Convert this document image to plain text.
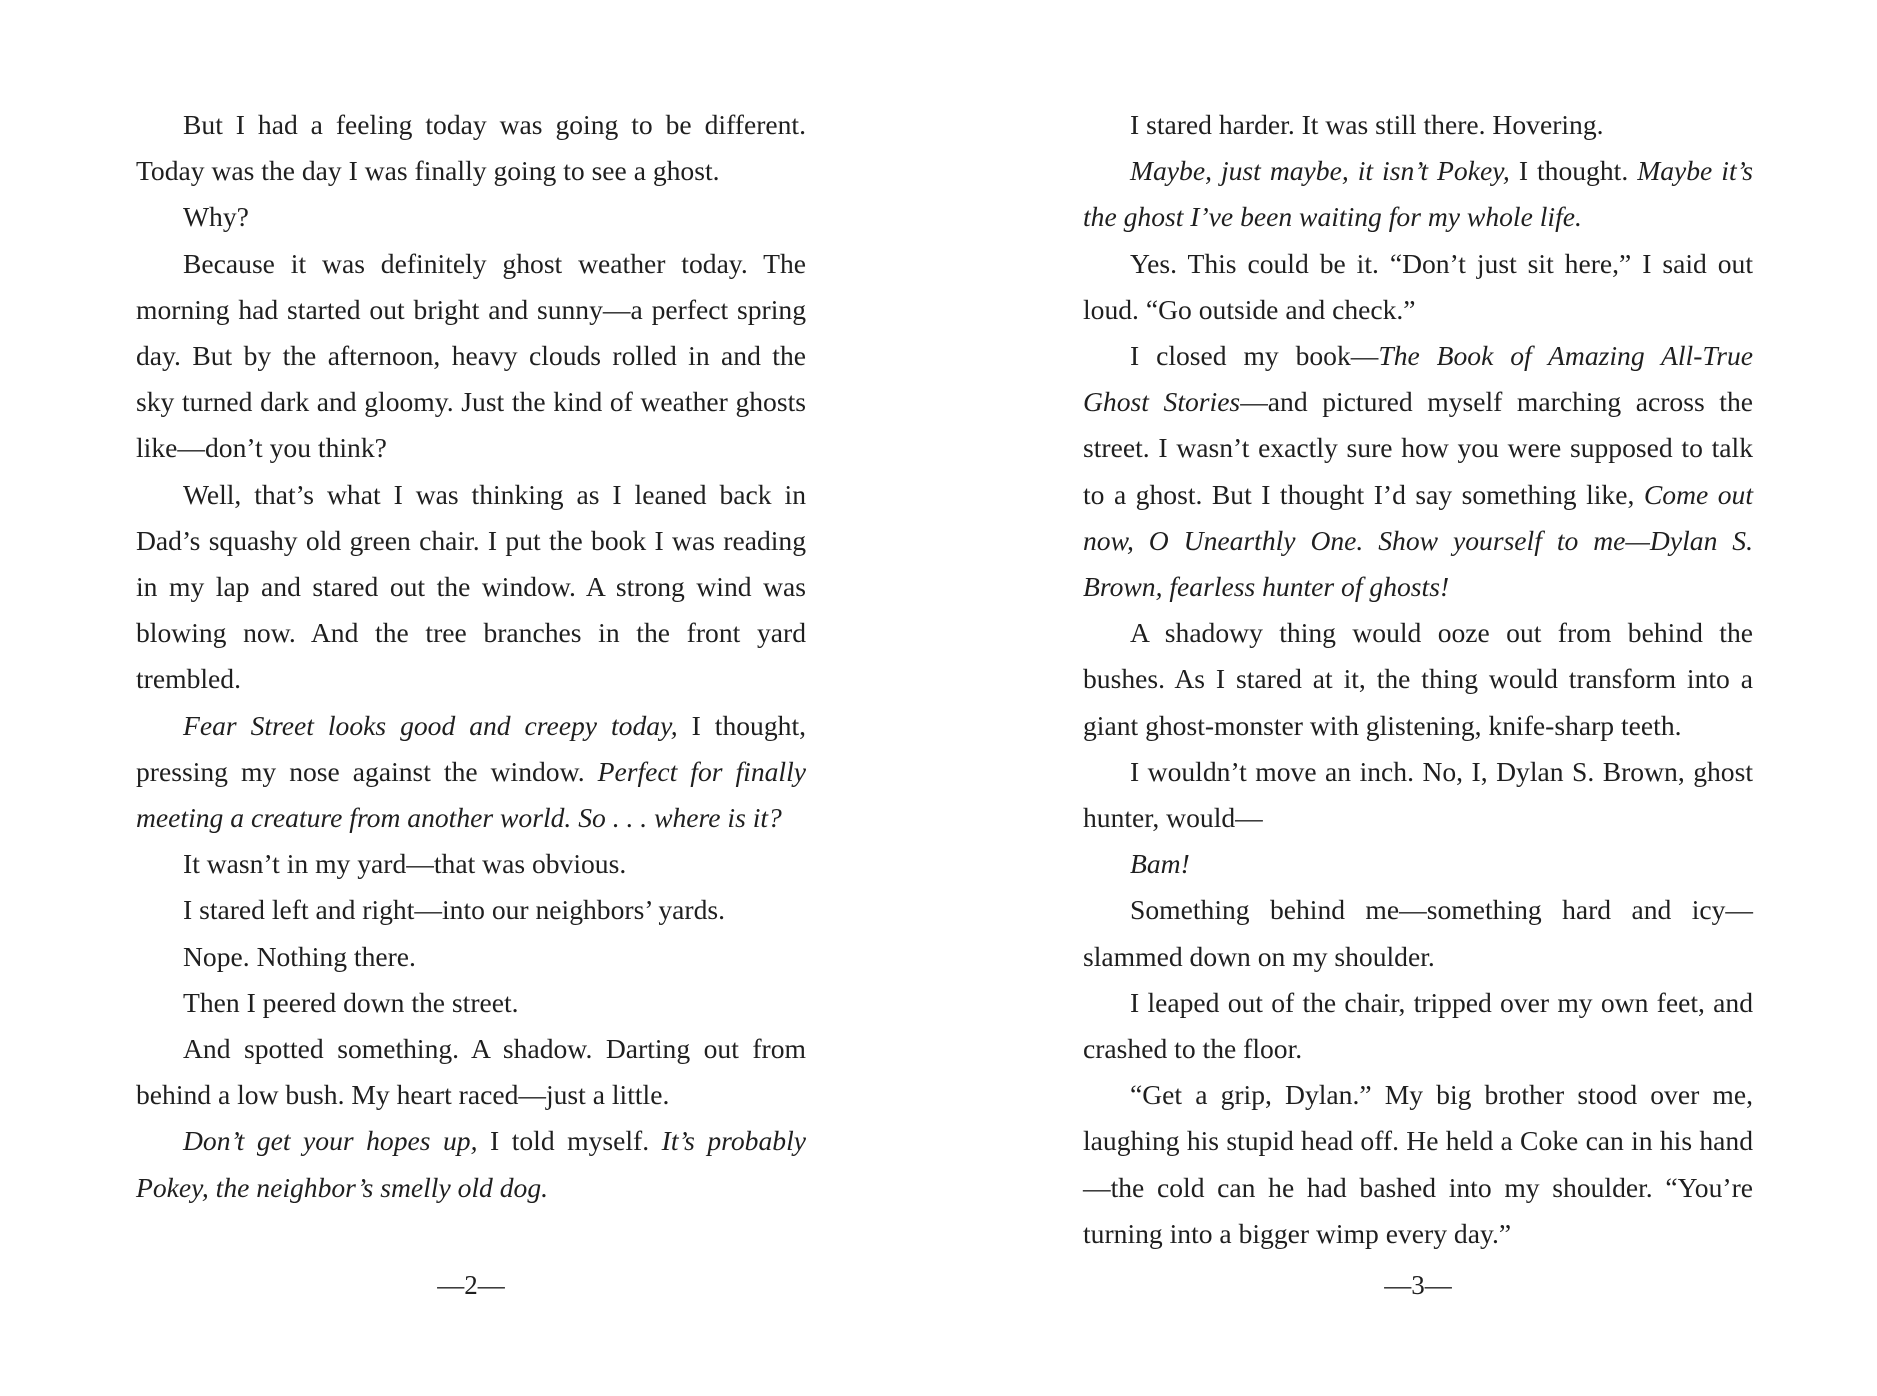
But I had a feeling today was going to be different. Today was the day I was finally going to see a ghost.

Why?

Because it was definitely ghost weather today. The morning had started out bright and sunny—a perfect spring day. But by the afternoon, heavy clouds rolled in and the sky turned dark and gloomy. Just the kind of weather ghosts like—don’t you think?

Well, that’s what I was thinking as I leaned back in Dad’s squashy old green chair. I put the book I was reading in my lap and stared out the window. A strong wind was blowing now. And the tree branches in the front yard trembled.

Fear Street looks good and creepy today, I thought, pressing my nose against the window. Perfect for finally meeting a creature from another world. So . . . where is it?

It wasn’t in my yard—that was obvious.

I stared left and right—into our neighbors’ yards.

Nope. Nothing there.

Then I peered down the street.

And spotted something. A shadow. Darting out from behind a low bush. My heart raced—just a little.

Don’t get your hopes up, I told myself. It’s probably Pokey, the neighbor’s smelly old dog.

—2—

I stared harder. It was still there. Hovering.

Maybe, just maybe, it isn’t Pokey, I thought. Maybe it’s the ghost I’ve been waiting for my whole life.

Yes. This could be it. “Don’t just sit here,” I said out loud. “Go outside and check.”

I closed my book—The Book of Amazing All-True Ghost Stories—and pictured myself marching across the street. I wasn’t exactly sure how you were supposed to talk to a ghost. But I thought I’d say something like, Come out now, O Unearthly One. Show yourself to me—Dylan S. Brown, fearless hunter of ghosts!

A shadowy thing would ooze out from behind the bushes. As I stared at it, the thing would transform into a giant ghost-monster with glistening, knife-sharp teeth.

I wouldn’t move an inch. No, I, Dylan S. Brown, ghost hunter, would—

Bam!

Something behind me—something hard and icy—slammed down on my shoulder.

I leaped out of the chair, tripped over my own feet, and crashed to the floor.

“Get a grip, Dylan.” My big brother stood over me, laughing his stupid head off. He held a Coke can in his hand—the cold can he had bashed into my shoulder. “You’re turning into a bigger wimp every day.”

—3—
